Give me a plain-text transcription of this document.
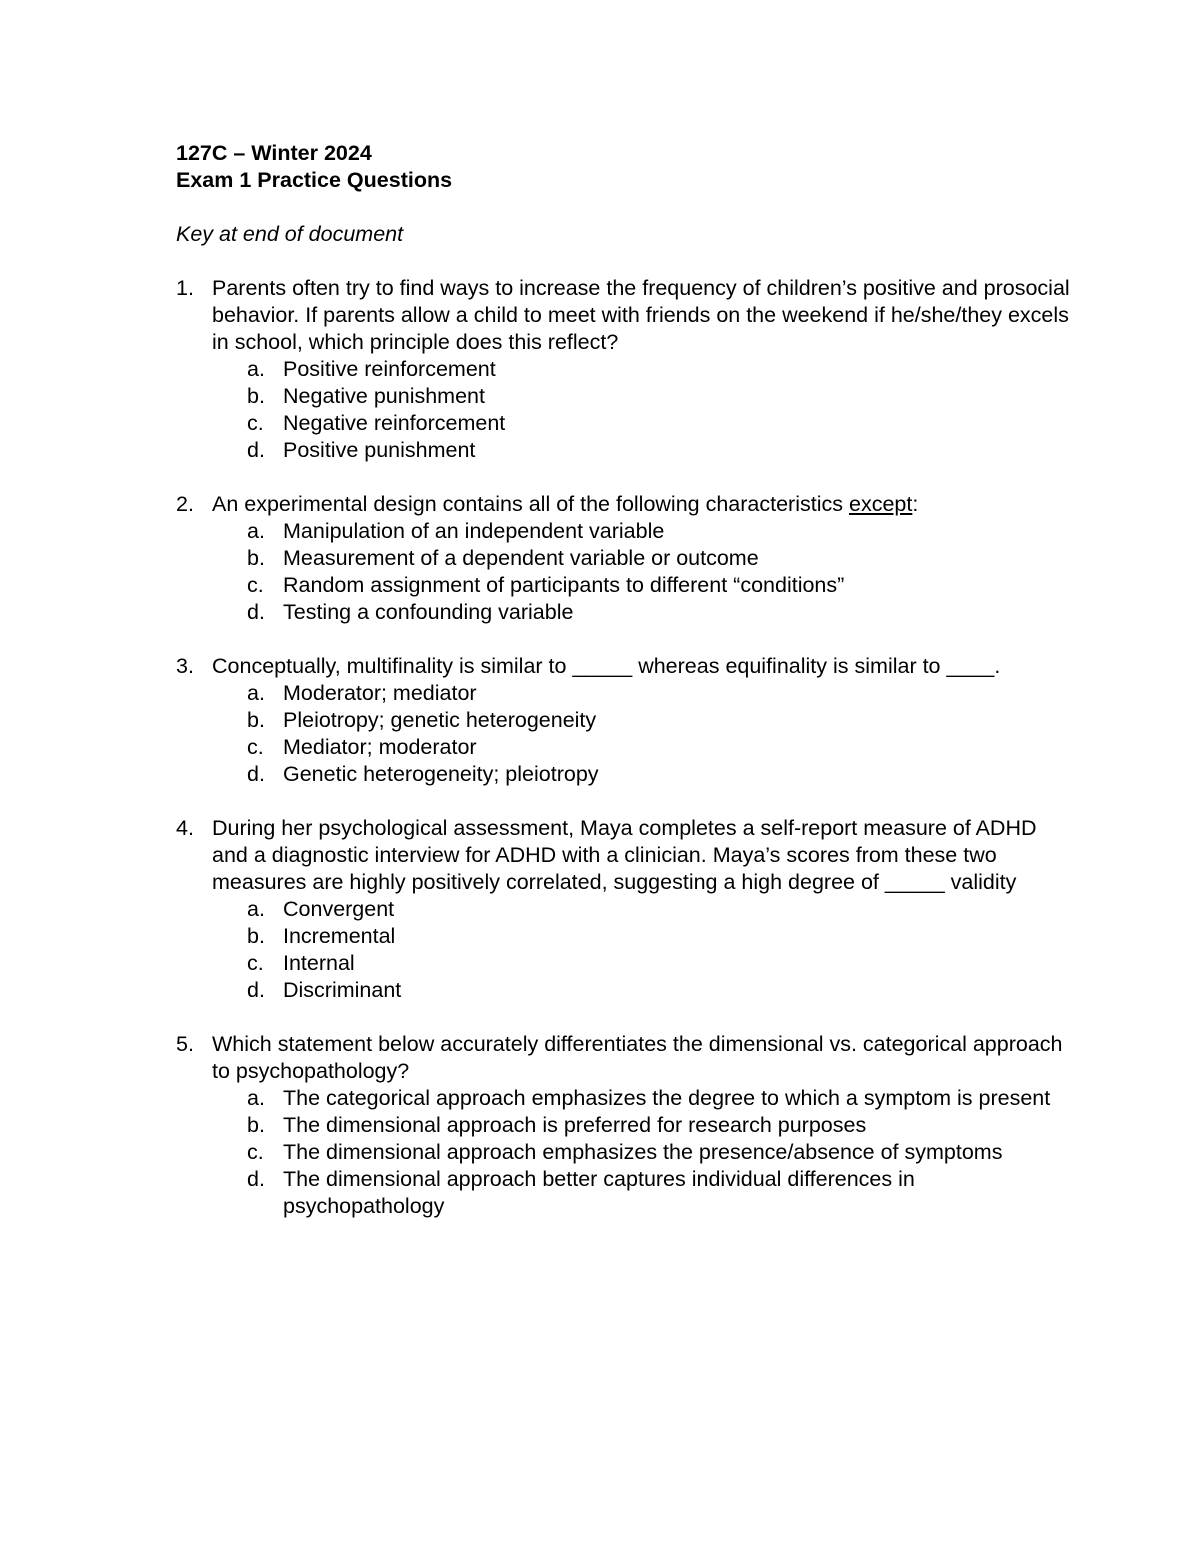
127C – Winter 2024

Exam 1 Practice Questions

Key at end of document
1. Parents often try to find ways to increase the frequency of children’s positive and prosocial behavior. If parents allow a child to meet with friends on the weekend if he/she/they excels in school, which principle does this reflect?
a. Positive reinforcement
b. Negative punishment
c. Negative reinforcement
d. Positive punishment
2. An experimental design contains all of the following characteristics except:
a. Manipulation of an independent variable
b. Measurement of a dependent variable or outcome
c. Random assignment of participants to different “conditions”
d. Testing a confounding variable
3. Conceptually, multifinality is similar to _____ whereas equifinality is similar to ____.
a. Moderator; mediator
b. Pleiotropy; genetic heterogeneity
c. Mediator; moderator
d. Genetic heterogeneity; pleiotropy
4. During her psychological assessment, Maya completes a self-report measure of ADHD and a diagnostic interview for ADHD with a clinician. Maya’s scores from these two measures are highly positively correlated, suggesting a high degree of _____ validity
a. Convergent
b. Incremental
c. Internal
d. Discriminant
5. Which statement below accurately differentiates the dimensional vs. categorical approach to psychopathology?
a. The categorical approach emphasizes the degree to which a symptom is present
b. The dimensional approach is preferred for research purposes
c. The dimensional approach emphasizes the presence/absence of symptoms
d. The dimensional approach better captures individual differences in psychopathology
